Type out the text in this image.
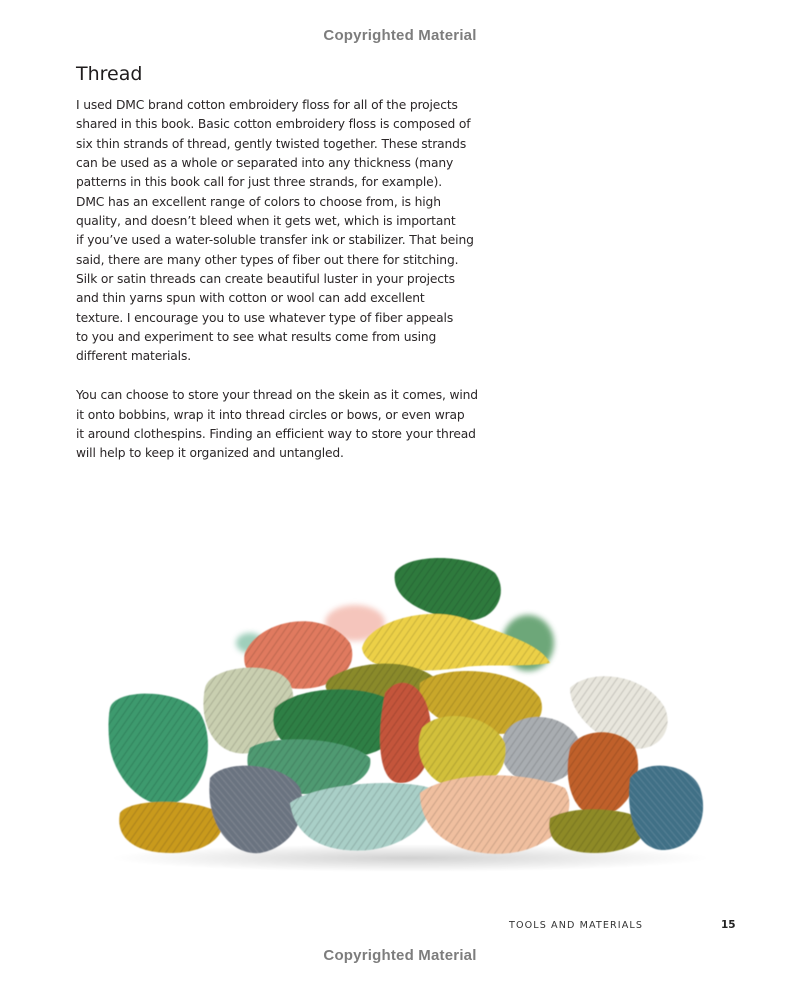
Copyrighted Material
Thread
I used DMC brand cotton embroidery floss for all of the projects
shared in this book. Basic cotton embroidery floss is composed of
six thin strands of thread, gently twisted together. These strands
can be used as a whole or separated into any thickness (many
patterns in this book call for just three strands, for example).
DMC has an excellent range of colors to choose from, is high
quality, and doesn’t bleed when it gets wet, which is important
if you’ve used a water-soluble transfer ink or stabilizer. That being
said, there are many other types of fiber out there for stitching.
Silk or satin threads can create beautiful luster in your projects
and thin yarns spun with cotton or wool can add excellent
texture. I encourage you to use whatever type of fiber appeals
to you and experiment to see what results come from using
different materials.
You can choose to store your thread on the skein as it comes, wind
it onto bobbins, wrap it into thread circles or bows, or even wrap
it around clothespins. Finding an efficient way to store your thread
will help to keep it organized and untangled.
TOOLS AND MATERIALS	15
Copyrighted Material
